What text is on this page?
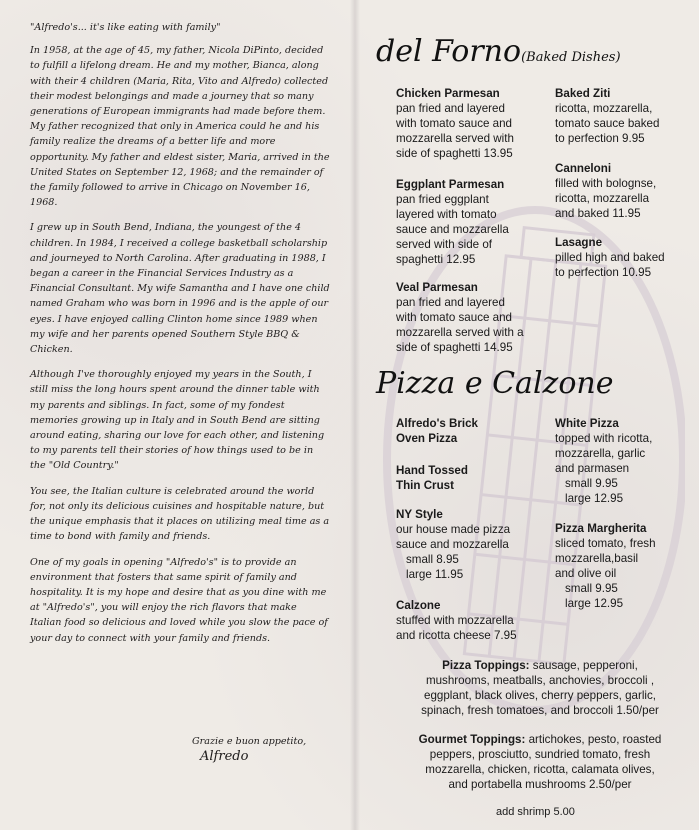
"Alfredo's... it's like eating with family"

In 1958, at the age of 45, my father, Nicola DiPinto, decided to fulfill a lifelong dream. He and my mother, Bianca, along with their 4 children (Maria, Rita, Vito and Alfredo) collected their modest belongings and made a journey that so many generations of European immigrants had made before them. My father recognized that only in America could he and his family realize the dreams of a better life and more opportunity. My father and eldest sister, Maria, arrived in the United States on September 12, 1968; and the remainder of the family followed to arrive in Chicago on November 16, 1968.

I grew up in South Bend, Indiana, the youngest of the 4 children. In 1984, I received a college basketball scholarship and journeyed to North Carolina. After graduating in 1988, I began a career in the Financial Services Industry as a Financial Consultant. My wife Samantha and I have one child named Graham who was born in 1996 and is the apple of our eyes. I have enjoyed calling Clinton home since 1989 when my wife and her parents opened Southern Style BBQ & Chicken.

Although I've thoroughly enjoyed my years in the South, I still miss the long hours spent around the dinner table with my parents and siblings. In fact, some of my fondest memories growing up in Italy and in South Bend are sitting around eating, sharing our love for each other, and listening to my parents tell their stories of how things used to be in the "Old Country."

You see, the Italian culture is celebrated around the world for, not only its delicious cuisines and hospitable nature, but the unique emphasis that it places on utilizing meal time as a time to bond with family and friends.

One of my goals in opening "Alfredo's" is to provide an environment that fosters that same spirit of family and hospitality. It is my hope and desire that as you dine with me at "Alfredo's", you will enjoy the rich flavors that make Italian food so delicious and loved while you slow the pace of your day to connect with your family and friends.

Grazie e buon appetito,
Alfredo
del Forno(Baked Dishes)
Chicken Parmesan
pan fried and layered
with tomato sauce and
mozzarella served with
side of spaghetti 13.95
Eggplant Parmesan
pan fried eggplant
layered with tomato
sauce and mozzarella
served with side of
spaghetti 12.95
Veal Parmesan
pan fried and layered
with tomato sauce and
mozzarella served with a
side of spaghetti 14.95
Baked Ziti
ricotta, mozzarella,
tomato sauce baked
to perfection 9.95
Canneloni
filled with bolognse,
ricotta, mozzarella
and baked 11.95
Lasagne
pilled high and baked
to perfection 10.95
Pizza e Calzone
Alfredo's Brick
Oven Pizza
Hand Tossed
Thin Crust
NY Style
our house made pizza
sauce and mozzarella
small 8.95
large 11.95
Calzone
stuffed with mozzarella
and ricotta cheese 7.95
White Pizza
topped with ricotta,
mozzarella, garlic
and parmasen
small 9.95
large 12.95
Pizza Margherita
sliced tomato, fresh
mozzarella,basil
and olive oil
small 9.95
large 12.95
Pizza Toppings: sausage, pepperoni,
mushrooms, meatballs, anchovies, broccoli ,
eggplant, black olives, cherry peppers, garlic,
spinach, fresh tomatoes, and broccoli 1.50/per
Gourmet Toppings: artichokes, pesto, roasted
peppers, prosciutto, sundried tomato, fresh
mozzarella, chicken, ricotta, calamata olives,
and portabella mushrooms 2.50/per
add shrimp 5.00
